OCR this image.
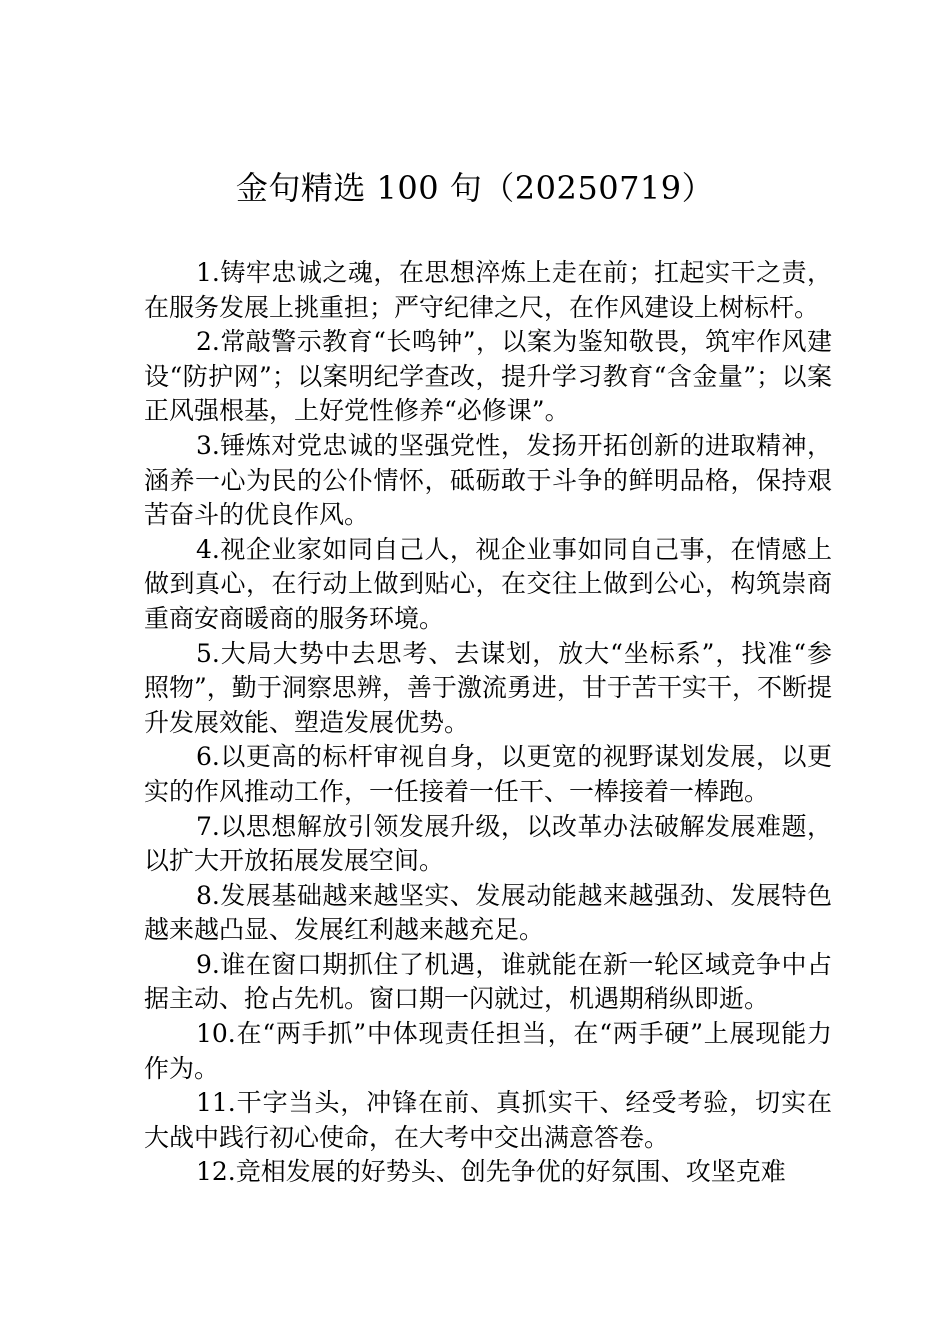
金句精选 100 句（20250719）

1.铸牢忠诚之魂，在思想淬炼上走在前；扛起实干之责，在服务发展上挑重担；严守纪律之尺，在作风建设上树标杆。

2.常敲警示教育“长鸣钟”，以案为鉴知敬畏，筑牢作风建设“防护网”；以案明纪学查改，提升学习教育“含金量”；以案正风强根基，上好党性修养“必修课”。

3.锤炼对党忠诚的坚强党性，发扬开拓创新的进取精神，涵养一心为民的公仆情怀，砥砺敢于斗争的鲜明品格，保持艰苦奋斗的优良作风。

4.视企业家如同自己人，视企业事如同自己事，在情感上做到真心，在行动上做到贴心，在交往上做到公心，构筑崇商重商安商暖商的服务环境。

5.大局大势中去思考、去谋划，放大“坐标系”，找准“参照物”，勤于洞察思辨，善于激流勇进，甘于苦干实干，不断提升发展效能、塑造发展优势。

6.以更高的标杆审视自身，以更宽的视野谋划发展，以更实的作风推动工作，一任接着一任干、一棒接着一棒跑。

7.以思想解放引领发展升级，以改革办法破解发展难题，以扩大开放拓展发展空间。

8.发展基础越来越坚实、发展动能越来越强劲、发展特色越来越凸显、发展红利越来越充足。

9.谁在窗口期抓住了机遇，谁就能在新一轮区域竞争中占据主动、抢占先机。窗口期一闪就过，机遇期稍纵即逝。

10.在“两手抓”中体现责任担当，在“两手硬”上展现能力作为。

11.干字当头，冲锋在前、真抓实干、经受考验，切实在大战中践行初心使命，在大考中交出满意答卷。

12.竞相发展的好势头、创先争优的好氛围、攻坚克难
